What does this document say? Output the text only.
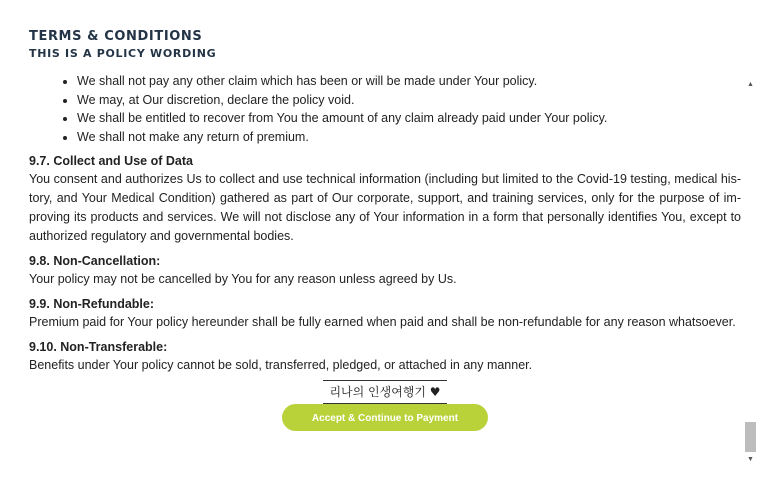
TERMS & CONDITIONS
THIS IS A POLICY WORDING
• We shall not pay any other claim which has been or will be made under Your policy.
• We may, at Our discretion, declare the policy void.
• We shall be entitled to recover from You the amount of any claim already paid under Your policy.
• We shall not make any return of premium.
9.7. Collect and Use of Data
You consent and authorizes Us to collect and use technical information (including but limited to the Covid-19 testing, medical his-tory, and Your Medical Condition) gathered as part of Our corporate, support, and training services, only for the purpose of im-proving its products and services. We will not disclose any of Your information in a form that personally identifies You, except to authorized regulatory and governmental bodies.
9.8. Non-Cancellation:
Your policy may not be cancelled by You for any reason unless agreed by Us.
9.9. Non-Refundable:
Premium paid for Your policy hereunder shall be fully earned when paid and shall be non-refundable for any reason whatsoever.
9.10. Non-Transferable:
Benefits under Your policy cannot be sold, transferred, pledged, or attached in any manner.
리나의 인생여행기 ♥
Accept & Continue to Payment
▲
▼
